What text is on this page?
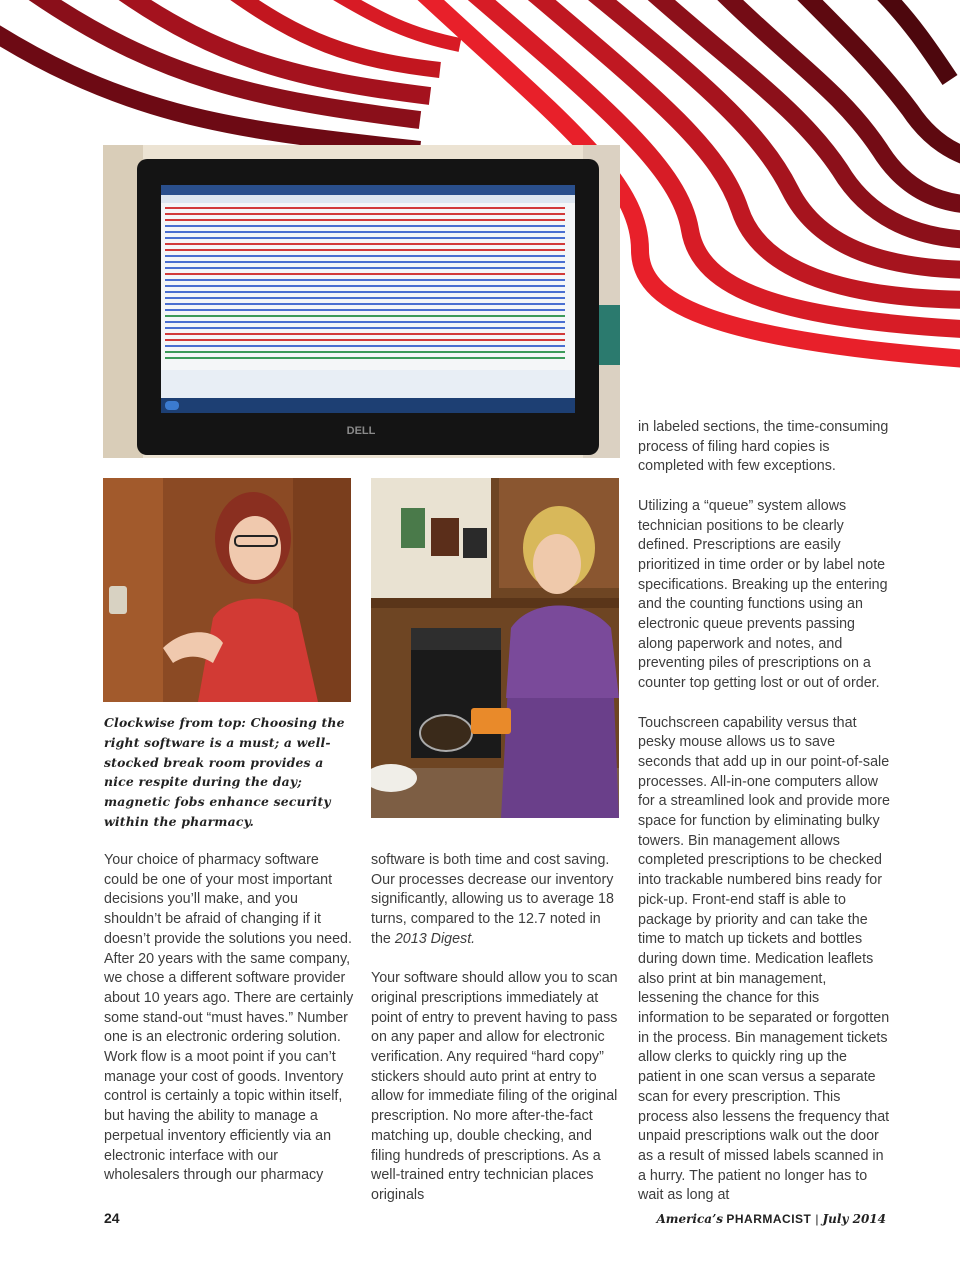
DELL
Clockwise from top: Choosing the right software is a must; a well-stocked break room provides a nice respite during the day; magnetic fobs enhance security within the pharmacy.

Your choice of pharmacy software could be one of your most important decisions you’ll make, and you shouldn’t be afraid of changing if it doesn’t provide the solutions you need. After 20 years with the same company, we chose a different software provider about 10 years ago. There are certainly some stand-out “must haves.” Number one is an electronic ordering solution. Work flow is a moot point if you can’t manage your cost of goods. Inventory control is certainly a topic within itself, but having the ability to manage a perpetual inventory efficiently via an electronic interface with our wholesalers through our pharmacy

software is both time and cost saving. Our processes decrease our inventory significantly, allowing us to average 18 turns, compared to the 12.7 noted in the 2013 Digest.

Your software should allow you to scan original prescriptions immediately at point of entry to prevent having to pass on any paper and allow for electronic verification. Any required “hard copy” stickers should auto print at entry to allow for immediate filing of the original prescription. No more after-the-fact matching up, double checking, and filing hundreds of prescriptions. As a well-trained entry technician places originals

in labeled sections, the time-consuming process of filing hard copies is completed with few exceptions.

Utilizing a “queue” system allows technician positions to be clearly defined. Prescriptions are easily prioritized in time order or by label note specifications. Breaking up the entering and the counting functions using an electronic queue prevents passing along paperwork and notes, and preventing piles of prescriptions on a counter top getting lost or out of order.

Touchscreen capability versus that pesky mouse allows us to save seconds that add up in our point-of-sale processes. All-in-one computers allow for a streamlined look and provide more space for function by eliminating bulky towers. Bin management allows completed prescriptions to be checked into trackable numbered bins ready for pick-up. Front-end staff is able to package by priority and can take the time to match up tickets and bottles during down time. Medication leaflets also print at bin management, lessening the chance for this information to be separated or forgotten in the process. Bin management tickets allow clerks to quickly ring up the patient in one scan versus a separate scan for every prescription. This process also lessens the frequency that unpaid prescriptions walk out the door as a result of missed labels scanned in a hurry. The patient no longer has to wait as long at

24	America’s PHARMACIST | July 2014
